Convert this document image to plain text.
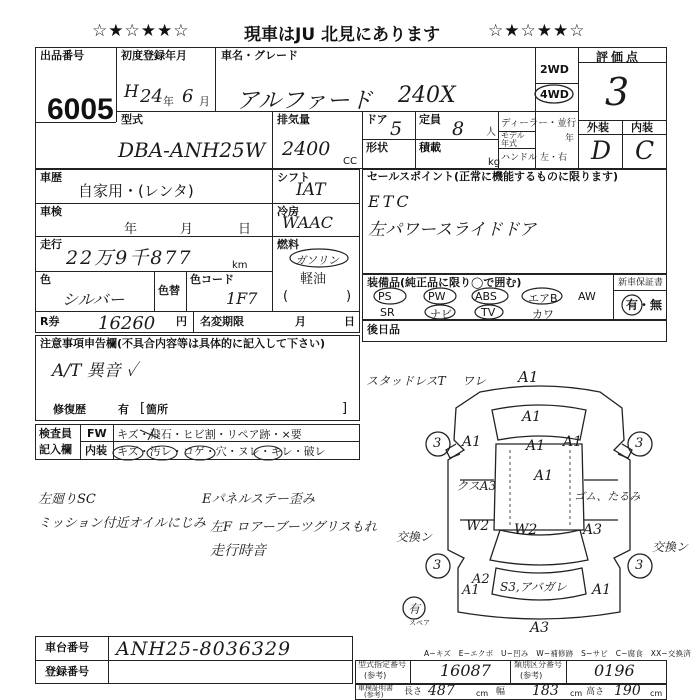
☆★☆★★☆	現車はJU 北見にあります	☆★☆★★☆
出品番号
6005
初度登録年月
H 24 年 6 月
車名・グレード
アルファード 240X
2WD
4WD
評価点
3
外装 内装
D C
型式
DBA-ANH25W
排気量
2400
CC
ドア 5 定員 8 人
形状	積載
kg
ディーラー・並行
モデル
年式	年
ハンドル 左・右
車歴
自家用・(レンタ)
シフト
IAT
車検
年	月	日
冷房
WAAC
走行
22万9千877	km
燃料
ガソリン
軽油
(	)
色
シルバー	色替
色コード
1F7
R券 16260 円 名変期限	月	日
セールスポイント(正常に機能するものに限ります)
ETC
左パワースライドドア
装備品(純正品に限り◯で囲む)	新車保証書
有・無
PS	PW	ABS	エアB AW
SR	ナビ	TV	カワ
後日品
注意事項申告欄(不具合内容等は具体的に記入して下さい)
A/T 異音 ✓
修復歴	有 箇所
[	]
検査員
記入欄
FW キズ・飛石・ヒビ割・リペア跡・×要
内装 キズ・汚レ・コゲ・穴・ヌレ・キレ・破レ
左廻りSC
ミッション付近オイルにじみ
Eパネルステー歪み
左F ロアーブーツグリスもれ
走行時音
スタッドレスT ワレ A1
A1
A1	A1
A1
A1
クスA3
W2 W2	A3
A2 S3,アバガレ
A1
A3
A1
ゴム、たるみ
交換ン
交換ン
3	3
3	3
有
スペア
A−キズ　E−エクボ　U−凹み　W−補修跡　S−サビ　C−腐食　XX−交換済
車台番号 ANH25-8036329
登録番号
型式指定番号
(参考)	16087	類別区分番号
(参考)	0196
車検証明書
(参考) 長さ 487	cm 幅 183 cm 高さ 190 cm
